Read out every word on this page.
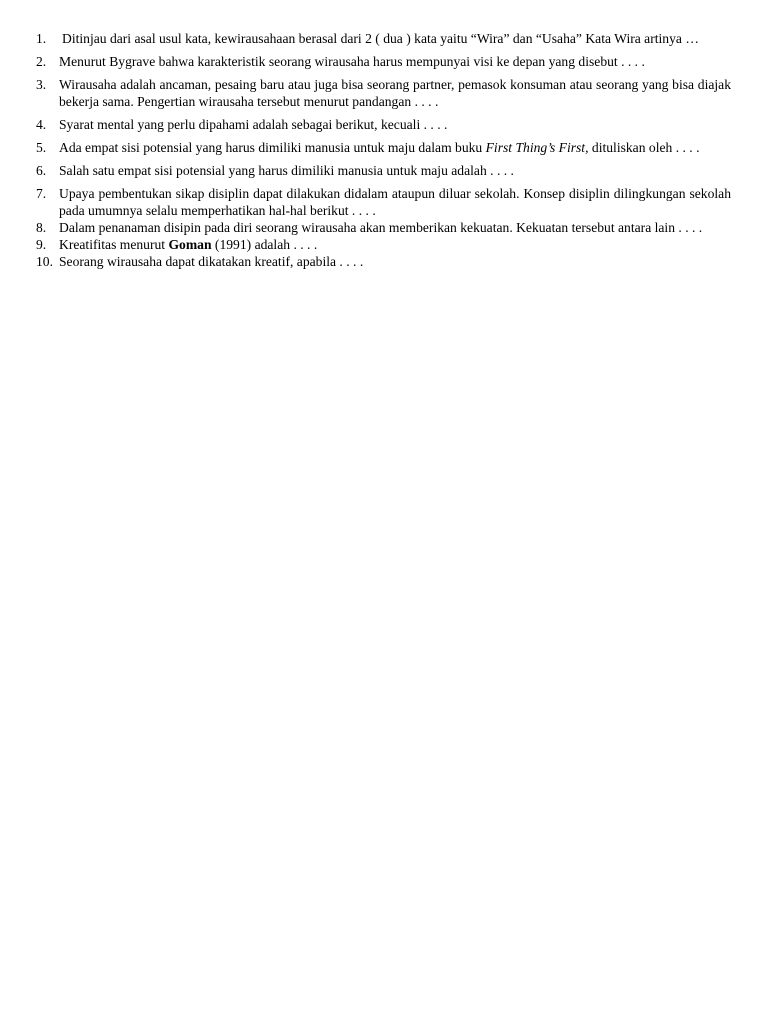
1.	Ditinjau dari asal usul kata, kewirausahaan berasal dari 2 ( dua ) kata yaitu “Wira” dan “Usaha” Kata Wira artinya …
2. Menurut Bygrave bahwa karakteristik seorang wirausaha harus mempunyai visi ke depan yang disebut . . . .
3. Wirausaha adalah ancaman, pesaing baru atau juga bisa seorang partner, pemasok konsuman atau seorang yang bisa diajak bekerja sama. Pengertian wirausaha tersebut menurut pandangan . . . .
4. Syarat mental yang perlu dipahami adalah sebagai berikut, kecuali . . . .
5. Ada empat sisi potensial yang harus dimiliki manusia untuk maju dalam buku First Thing’s First, dituliskan oleh . . . .
6. Salah satu empat sisi potensial yang harus dimiliki manusia untuk maju adalah . . . .
7. Upaya pembentukan sikap disiplin dapat dilakukan didalam ataupun diluar sekolah. Konsep disiplin dilingkungan sekolah pada umumnya selalu memperhatikan hal-hal berikut . . . .
8. Dalam penanaman disipin pada diri seorang wirausaha akan memberikan kekuatan. Kekuatan tersebut antara lain . . . .
9. Kreatifitas menurut Goman (1991) adalah . . . .
10. Seorang wirausaha dapat dikatakan kreatif, apabila . . . .
